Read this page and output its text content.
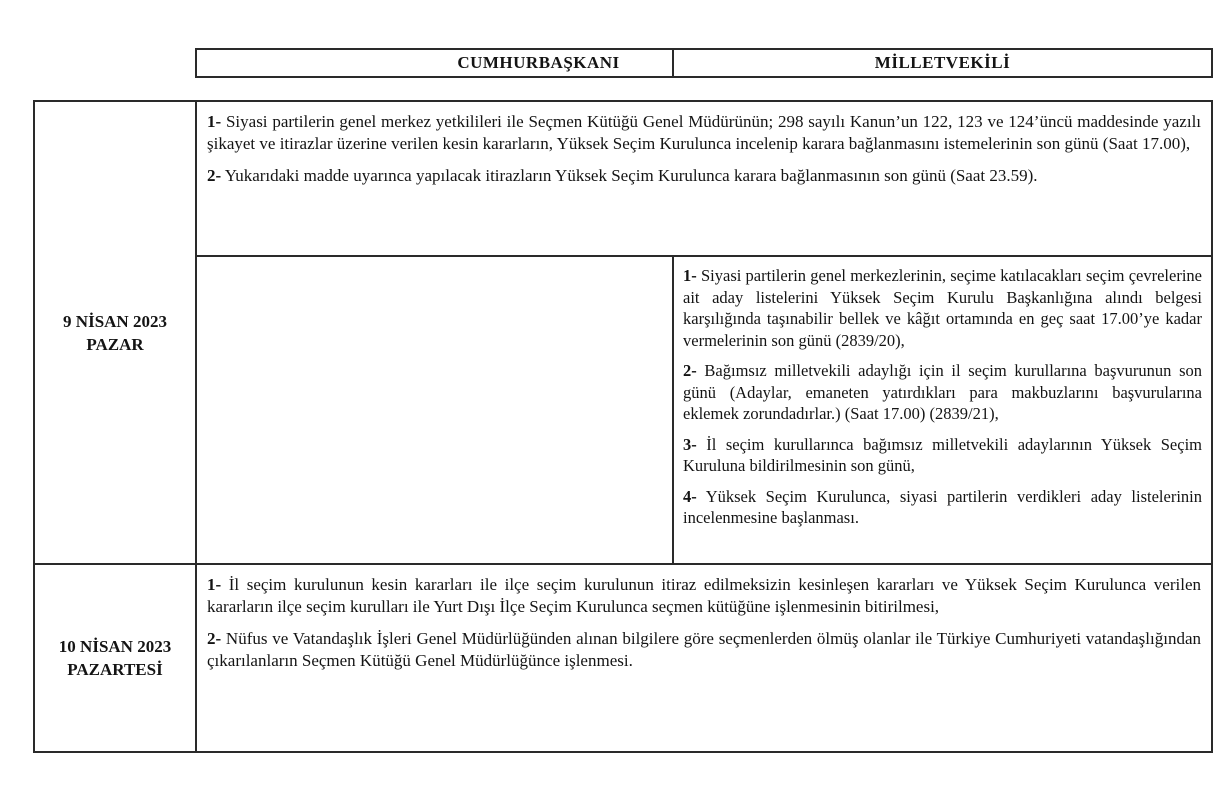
CUMHURBAŞKANI	MİLLETVEKİLİ
9 NİSAN 2023
PAZAR

1- Siyasi partilerin genel merkez yetkilileri ile Seçmen Kütüğü Genel Müdürünün; 298 sayılı Kanun’un 122, 123 ve 124’üncü maddesinde yazılı şikayet ve itirazlar üzerine verilen kesin kararların, Yüksek Seçim Kurulunca incelenip karara bağlanmasını istemelerinin son günü (Saat 17.00),

2- Yukarıdaki madde uyarınca yapılacak itirazların Yüksek Seçim Kurulunca karara bağlanmasının son günü (Saat 23.59).

1- Siyasi partilerin genel merkezlerinin, seçime katılacakları seçim çevrelerine ait aday listelerini Yüksek Seçim Kurulu Başkanlığına alındı belgesi karşılığında taşınabilir bellek ve kâğıt ortamında en geç saat 17.00’ye kadar vermelerinin son günü (2839/20),

2- Bağımsız milletvekili adaylığı için il seçim kurullarına başvurunun son günü (Adaylar, emaneten yatırdıkları para makbuzlarını başvurularına eklemek zorundadırlar.) (Saat 17.00) (2839/21),

3- İl seçim kurullarınca bağımsız milletvekili adaylarının Yüksek Seçim Kuruluna bildirilmesinin son günü,

4- Yüksek Seçim Kurulunca, siyasi partilerin verdikleri aday listelerinin incelenmesine başlanması.

10 NİSAN 2023
PAZARTESİ

1- İl seçim kurulunun kesin kararları ile ilçe seçim kurulunun itiraz edilmeksizin kesinleşen kararları ve Yüksek Seçim Kurulunca verilen kararların ilçe seçim kurulları ile Yurt Dışı İlçe Seçim Kurulunca seçmen kütüğüne işlenmesinin bitirilmesi,

2- Nüfus ve Vatandaşlık İşleri Genel Müdürlüğünden alınan bilgilere göre seçmenlerden ölmüş olanlar ile Türkiye Cumhuriyeti vatandaşlığından çıkarılanların Seçmen Kütüğü Genel Müdürlüğünce işlenmesi.
